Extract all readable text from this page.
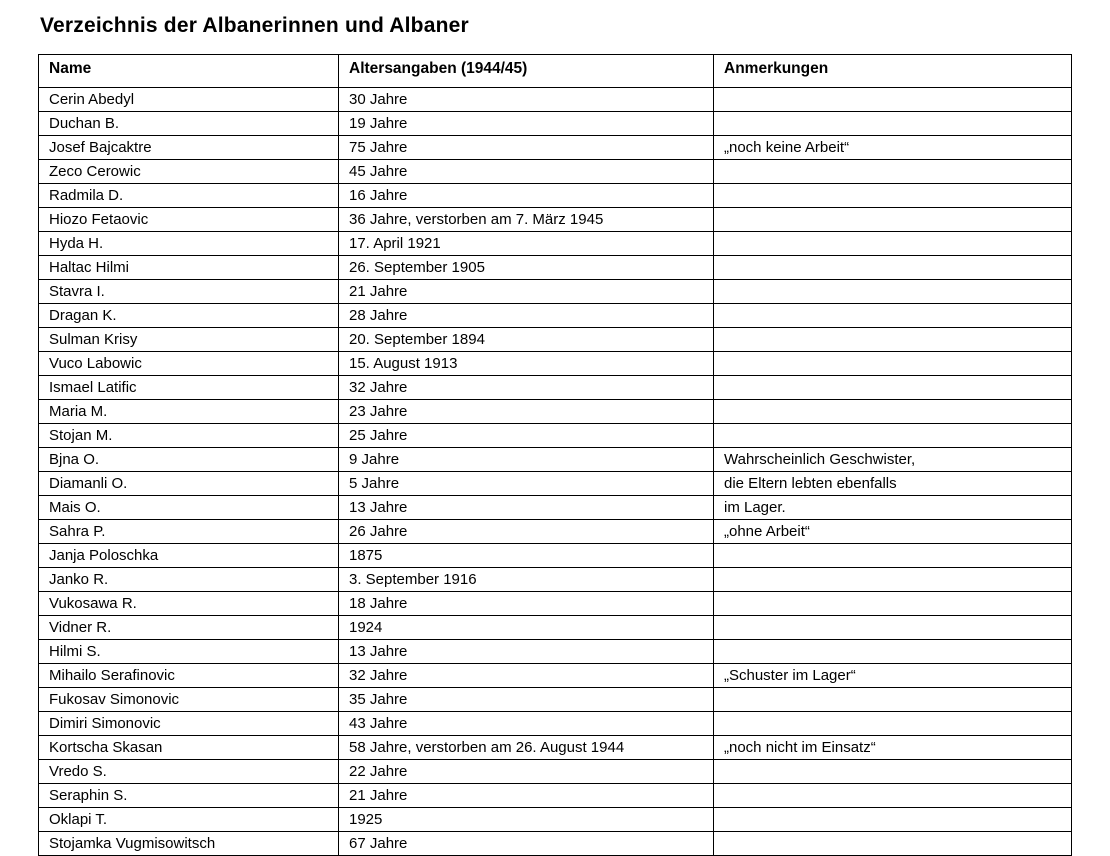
Verzeichnis der Albanerinnen und Albaner
Name	Altersangaben (1944/45)	Anmerkungen
Cerin Abedyl	30 Jahre	
Duchan B.	19 Jahre	
Josef Bajcaktre	75 Jahre	„noch keine Arbeit“
Zeco Cerowic	45 Jahre	
Radmila D.	16 Jahre	
Hiozo Fetaovic	36 Jahre, verstorben am 7. März 1945	
Hyda H.	17. April 1921	
Haltac Hilmi	26. September 1905	
Stavra I.	21 Jahre	
Dragan K.	28 Jahre	
Sulman Krisy	20. September 1894	
Vuco Labowic	15. August 1913	
Ismael Latific	32 Jahre	
Maria M.	23 Jahre	
Stojan M.	25 Jahre	
Bjna O.	9 Jahre	Wahrscheinlich Geschwister,
Diamanli O.	5 Jahre	die Eltern lebten ebenfalls
Mais O.	13 Jahre	im Lager.
Sahra P.	26 Jahre	„ohne Arbeit“
Janja Poloschka	1875	
Janko R.	3. September 1916	
Vukosawa R.	18 Jahre	
Vidner R.	1924	
Hilmi S.	13 Jahre	
Mihailo Serafinovic	32 Jahre	„Schuster im Lager“
Fukosav Simonovic	35 Jahre	
Dimiri Simonovic	43 Jahre	
Kortscha Skasan	58 Jahre, verstorben am 26. August 1944	„noch nicht im Einsatz“
Vredo S.	22 Jahre	
Seraphin S.	21 Jahre	
Oklapi T.	1925	
Stojamka Vugmisowitsch	67 Jahre	
